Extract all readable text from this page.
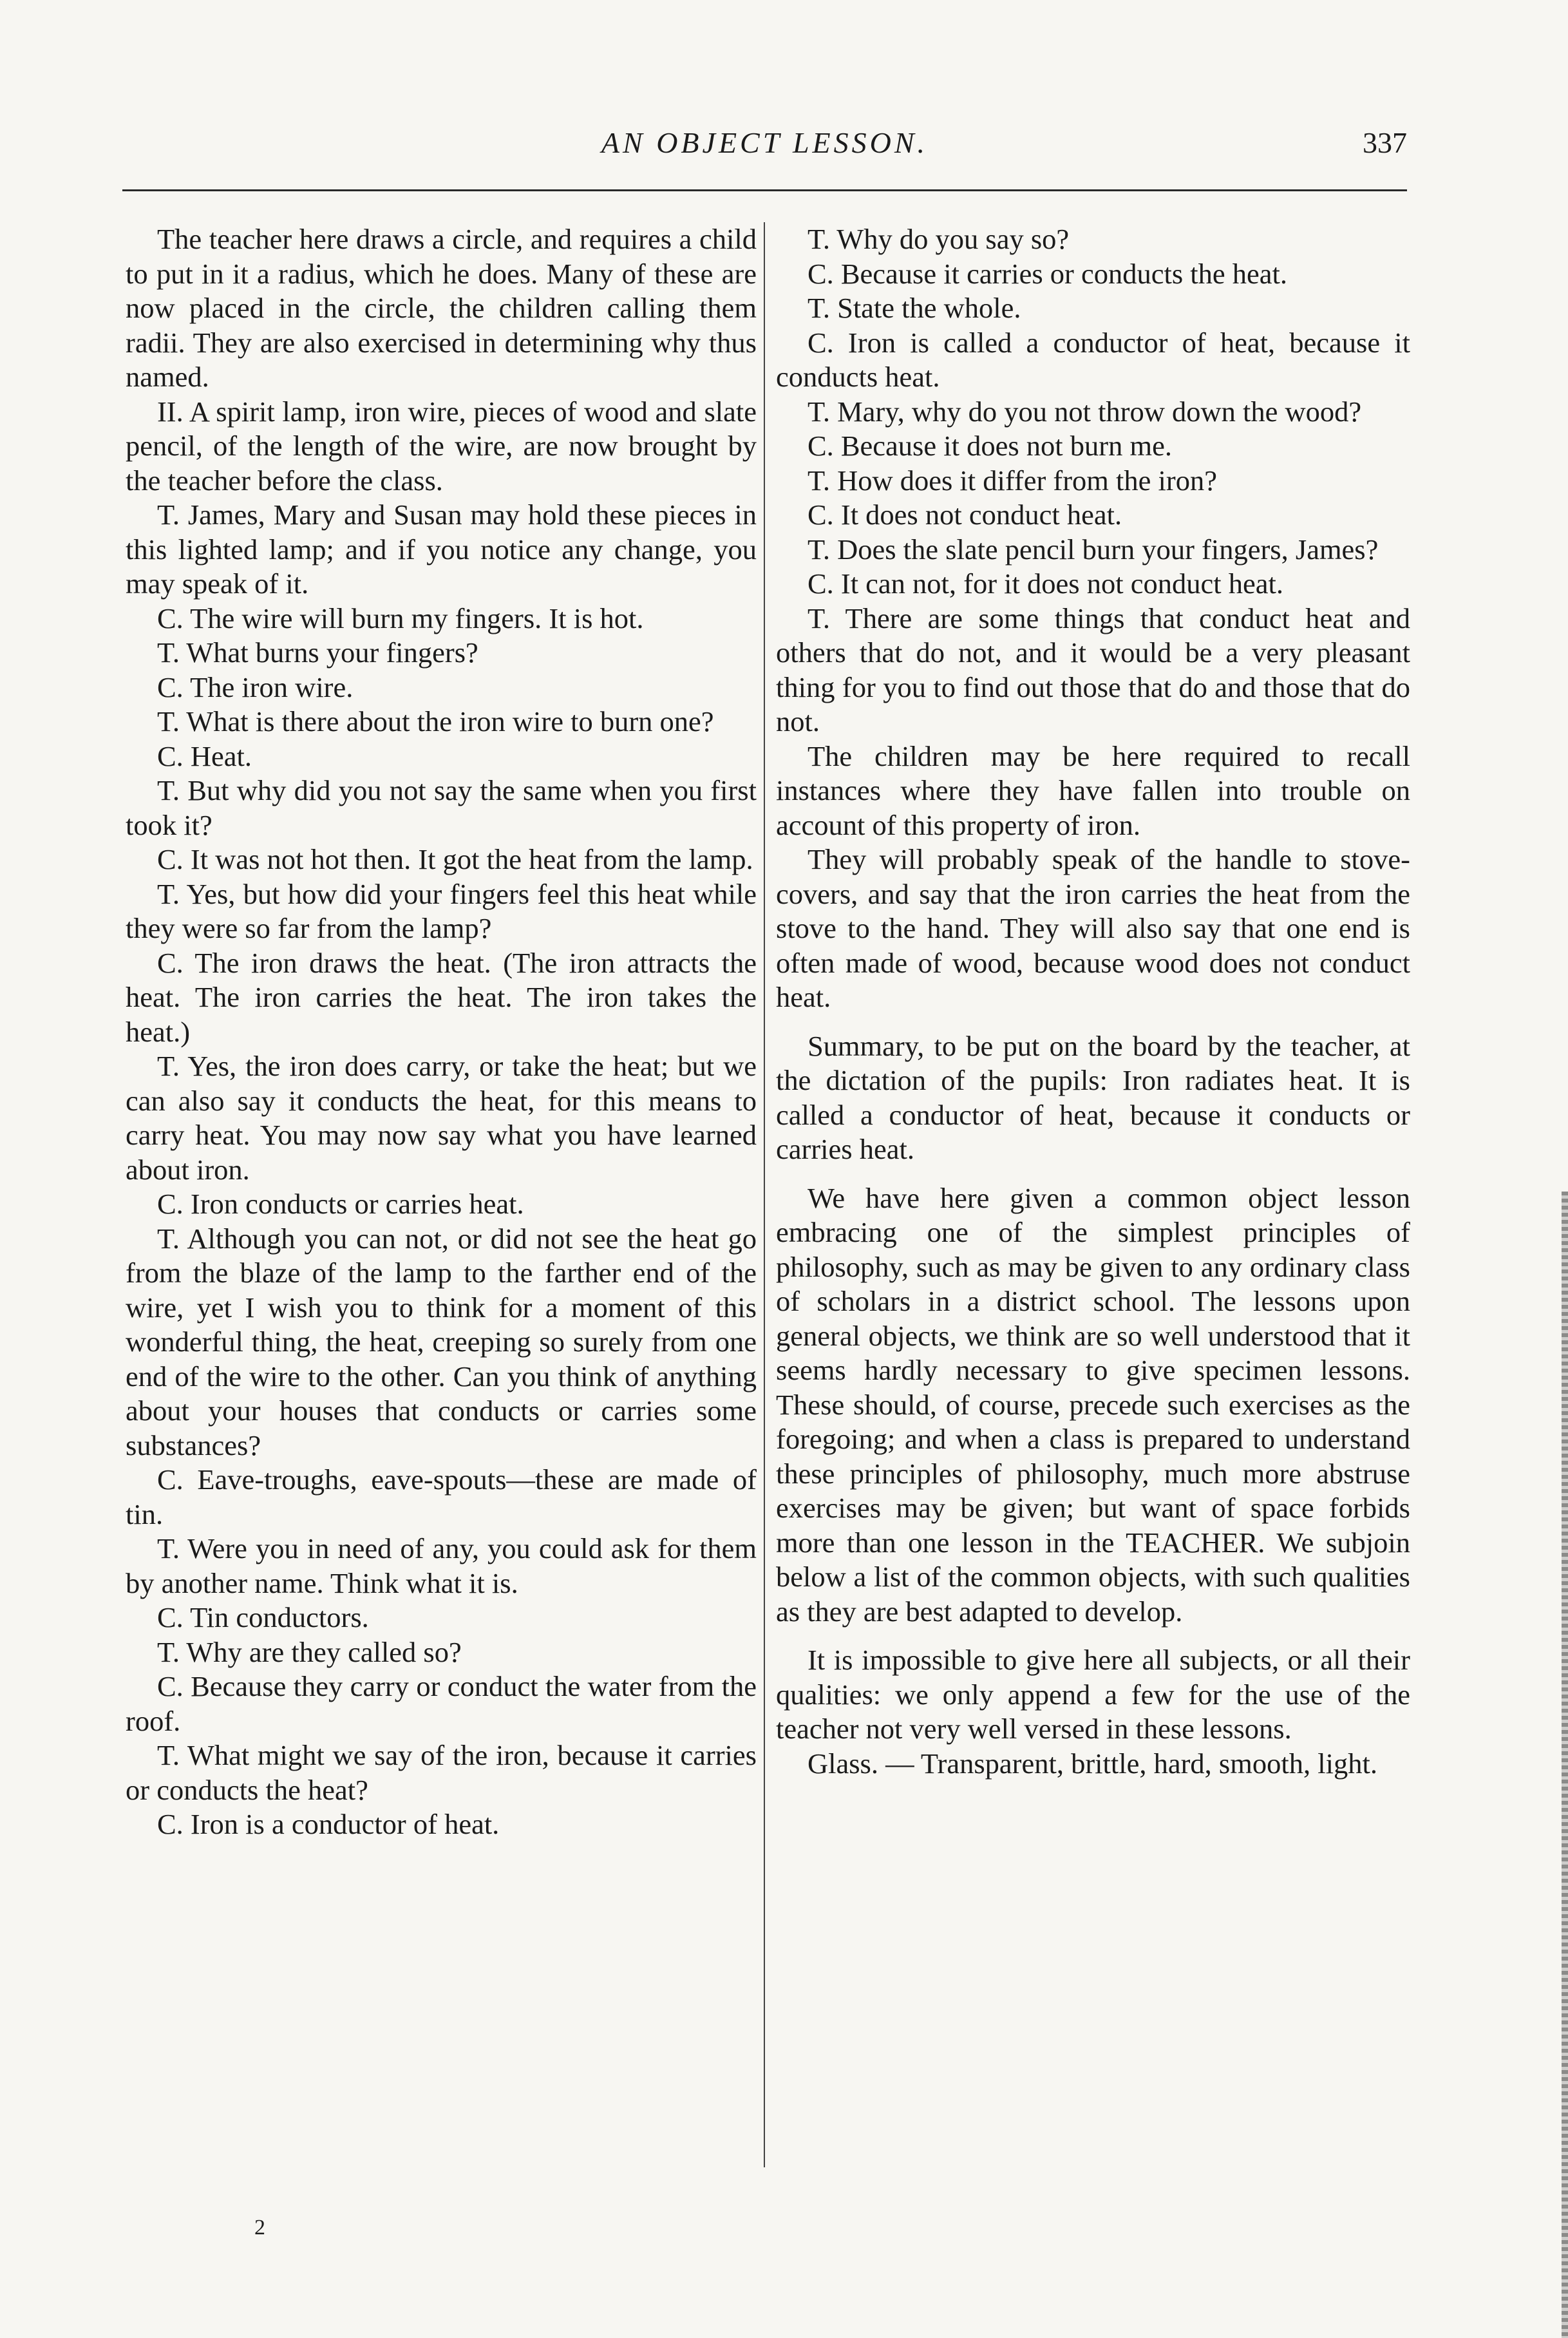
AN OBJECT LESSON.	337

The teacher here draws a circle, and requires a child to put in it a radius, which he does. Many of these are now placed in the circle, the children calling them radii. They are also exercised in determining why thus named.

II. A spirit lamp, iron wire, pieces of wood and slate pencil, of the length of the wire, are now brought by the teacher before the class.

T. James, Mary and Susan may hold these pieces in this lighted lamp; and if you notice any change, you may speak of it.

C. The wire will burn my fingers. It is hot.

T. What burns your fingers?

C. The iron wire.

T. What is there about the iron wire to burn one?

C. Heat.

T. But why did you not say the same when you first took it?

C. It was not hot then. It got the heat from the lamp.

T. Yes, but how did your fingers feel this heat while they were so far from the lamp?

C. The iron draws the heat. (The iron attracts the heat. The iron carries the heat. The iron takes the heat.)

T. Yes, the iron does carry, or take the heat; but we can also say it conducts the heat, for this means to carry heat. You may now say what you have learned about iron.

C. Iron conducts or carries heat.

T. Although you can not, or did not see the heat go from the blaze of the lamp to the farther end of the wire, yet I wish you to think for a moment of this wonderful thing, the heat, creeping so surely from one end of the wire to the other. Can you think of anything about your houses that conducts or carries some substances?

C. Eave-troughs, eave-spouts—these are made of tin.

T. Were you in need of any, you could ask for them by another name. Think what it is.

C. Tin conductors.

T. Why are they called so?

C. Because they carry or conduct the water from the roof.

T. What might we say of the iron, because it carries or conducts the heat?

C. Iron is a conductor of heat.

T. Why do you say so?

C. Because it carries or conducts the heat.

T. State the whole.

C. Iron is called a conductor of heat, because it conducts heat.

T. Mary, why do you not throw down the wood?

C. Because it does not burn me.

T. How does it differ from the iron?

C. It does not conduct heat.

T. Does the slate pencil burn your fingers, James?

C. It can not, for it does not conduct heat.

T. There are some things that conduct heat and others that do not, and it would be a very pleasant thing for you to find out those that do and those that do not.

The children may be here required to recall instances where they have fallen into trouble on account of this property of iron.

They will probably speak of the handle to stove-covers, and say that the iron carries the heat from the stove to the hand. They will also say that one end is often made of wood, because wood does not conduct heat.

Summary, to be put on the board by the teacher, at the dictation of the pupils: Iron radiates heat. It is called a conductor of heat, because it conducts or carries heat.

We have here given a common object lesson embracing one of the simplest principles of philosophy, such as may be given to any ordinary class of scholars in a district school. The lessons upon general objects, we think are so well understood that it seems hardly necessary to give specimen lessons. These should, of course, precede such exercises as the foregoing; and when a class is prepared to understand these principles of philosophy, much more abstruse exercises may be given; but want of space forbids more than one lesson in the TEACHER. We subjoin below a list of the common objects, with such qualities as they are best adapted to develop.

It is impossible to give here all subjects, or all their qualities: we only append a few for the use of the teacher not very well versed in these lessons.

Glass. — Transparent, brittle, hard, smooth, light.

2
